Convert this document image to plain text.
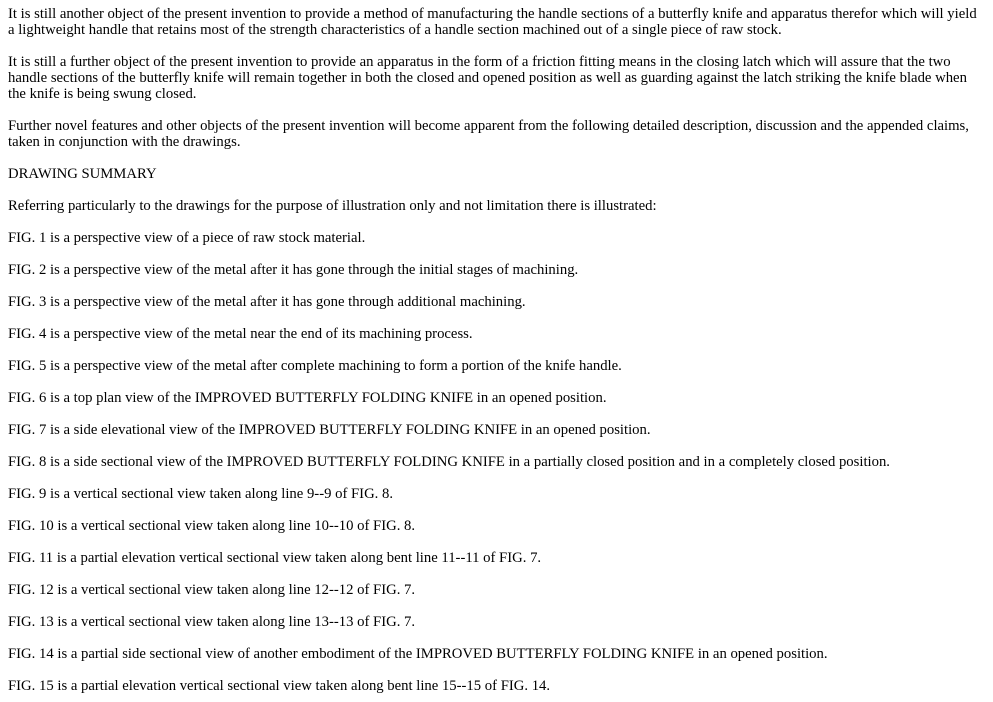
It is still another object of the present invention to provide a method of manufacturing the handle sections of a butterfly knife and apparatus therefor which will yield a lightweight handle that retains most of the strength characteristics of a handle section machined out of a single piece of raw stock.

It is still a further object of the present invention to provide an apparatus in the form of a friction fitting means in the closing latch which will assure that the two handle sections of the butterfly knife will remain together in both the closed and opened position as well as guarding against the latch striking the knife blade when the knife is being swung closed.

Further novel features and other objects of the present invention will become apparent from the following detailed description, discussion and the appended claims, taken in conjunction with the drawings.

DRAWING SUMMARY

Referring particularly to the drawings for the purpose of illustration only and not limitation there is illustrated:

FIG. 1 is a perspective view of a piece of raw stock material.

FIG. 2 is a perspective view of the metal after it has gone through the initial stages of machining.

FIG. 3 is a perspective view of the metal after it has gone through additional machining.

FIG. 4 is a perspective view of the metal near the end of its machining process.

FIG. 5 is a perspective view of the metal after complete machining to form a portion of the knife handle.

FIG. 6 is a top plan view of the IMPROVED BUTTERFLY FOLDING KNIFE in an opened position.

FIG. 7 is a side elevational view of the IMPROVED BUTTERFLY FOLDING KNIFE in an opened position.

FIG. 8 is a side sectional view of the IMPROVED BUTTERFLY FOLDING KNIFE in a partially closed position and in a completely closed position.

FIG. 9 is a vertical sectional view taken along line 9--9 of FIG. 8.

FIG. 10 is a vertical sectional view taken along line 10--10 of FIG. 8.

FIG. 11 is a partial elevation vertical sectional view taken along bent line 11--11 of FIG. 7.

FIG. 12 is a vertical sectional view taken along line 12--12 of FIG. 7.

FIG. 13 is a vertical sectional view taken along line 13--13 of FIG. 7.

FIG. 14 is a partial side sectional view of another embodiment of the IMPROVED BUTTERFLY FOLDING KNIFE in an opened position.

FIG. 15 is a partial elevation vertical sectional view taken along bent line 15--15 of FIG. 14.
